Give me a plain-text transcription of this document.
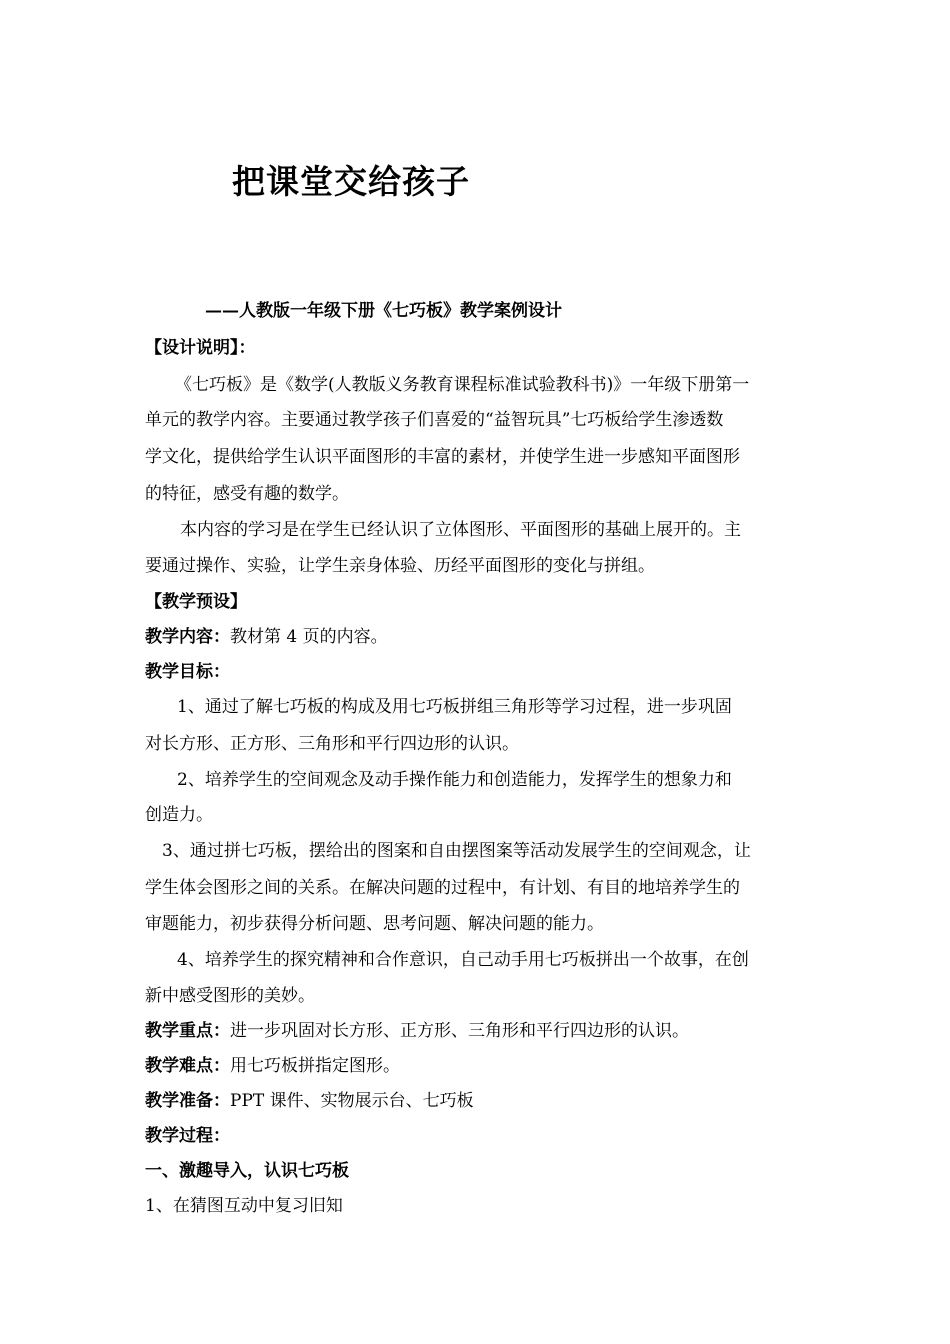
把课堂交给孩子
——人教版一年级下册《七巧板》教学案例设计
【设计说明】：
《七巧板》是《数学(人教版义务教育课程标准试验教科书)》一年级下册第一
单元的教学内容。主要通过教学孩子们喜爱的“益智玩具”七巧板给学生渗透数
学文化，提供给学生认识平面图形的丰富的素材，并使学生进一步感知平面图形
的特征，感受有趣的数学。
本内容的学习是在学生已经认识了立体图形、平面图形的基础上展开的。主
要通过操作、实验，让学生亲身体验、历经平面图形的变化与拼组。
【教学预设】
教学内容：教材第 4 页的内容。
教学目标：
1、通过了解七巧板的构成及用七巧板拼组三角形等学习过程，进一步巩固
对长方形、正方形、三角形和平行四边形的认识。
2、培养学生的空间观念及动手操作能力和创造能力，发挥学生的想象力和
创造力。
3、通过拼七巧板，摆给出的图案和自由摆图案等活动发展学生的空间观念，让
学生体会图形之间的关系。在解决问题的过程中，有计划、有目的地培养学生的
审题能力，初步获得分析问题、思考问题、解决问题的能力。
4、培养学生的探究精神和合作意识，自己动手用七巧板拼出一个故事，在创
新中感受图形的美妙。
教学重点：进一步巩固对长方形、正方形、三角形和平行四边形的认识。
教学难点：用七巧板拼指定图形。
教学准备：PPT 课件、实物展示台、七巧板
教学过程：
一、激趣导入，认识七巧板
1、在猜图互动中复习旧知
